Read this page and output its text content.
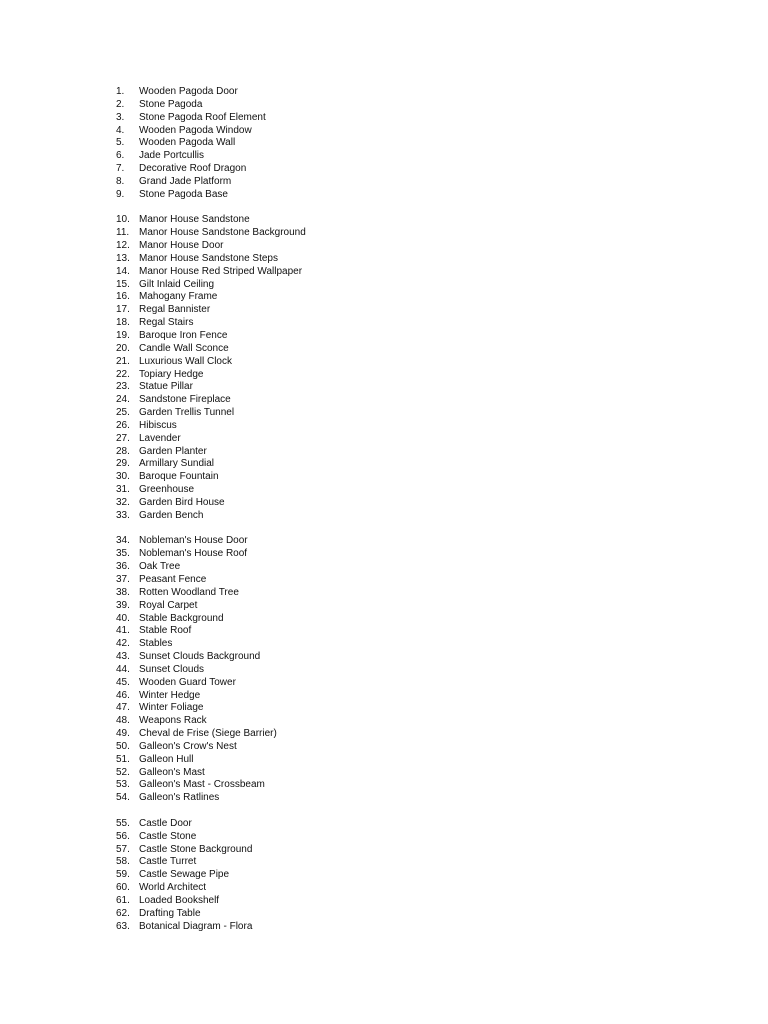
1.	Wooden Pagoda Door
2.	Stone Pagoda
3.	Stone Pagoda Roof Element
4.	Wooden Pagoda Window
5.	Wooden Pagoda Wall
6.	Jade Portcullis
7.	Decorative Roof Dragon
8.	Grand Jade Platform
9.	Stone Pagoda Base
10. Manor House Sandstone
11. Manor House Sandstone Background
12. Manor House Door
13. Manor House Sandstone Steps
14. Manor House Red Striped Wallpaper
15. Gilt Inlaid Ceiling
16. Mahogany Frame
17. Regal Bannister
18. Regal Stairs
19. Baroque Iron Fence
20. Candle Wall Sconce
21. Luxurious Wall Clock
22. Topiary Hedge
23. Statue Pillar
24. Sandstone Fireplace
25. Garden Trellis Tunnel
26. Hibiscus
27. Lavender
28. Garden Planter
29. Armillary Sundial
30. Baroque Fountain
31. Greenhouse
32. Garden Bird House
33. Garden Bench
34. Nobleman's House Door
35. Nobleman's House Roof
36. Oak Tree
37. Peasant Fence
38. Rotten Woodland Tree
39. Royal Carpet
40. Stable Background
41. Stable Roof
42. Stables
43. Sunset Clouds Background
44. Sunset Clouds
45. Wooden Guard Tower
46. Winter Hedge
47. Winter Foliage
48. Weapons Rack
49. Cheval de Frise (Siege Barrier)
50. Galleon's Crow's Nest
51. Galleon Hull
52. Galleon's Mast
53. Galleon's Mast - Crossbeam
54. Galleon's Ratlines
55. Castle Door
56. Castle Stone
57. Castle Stone Background
58. Castle Turret
59. Castle Sewage Pipe
60. World Architect
61. Loaded Bookshelf
62. Drafting Table
63. Botanical Diagram - Flora
